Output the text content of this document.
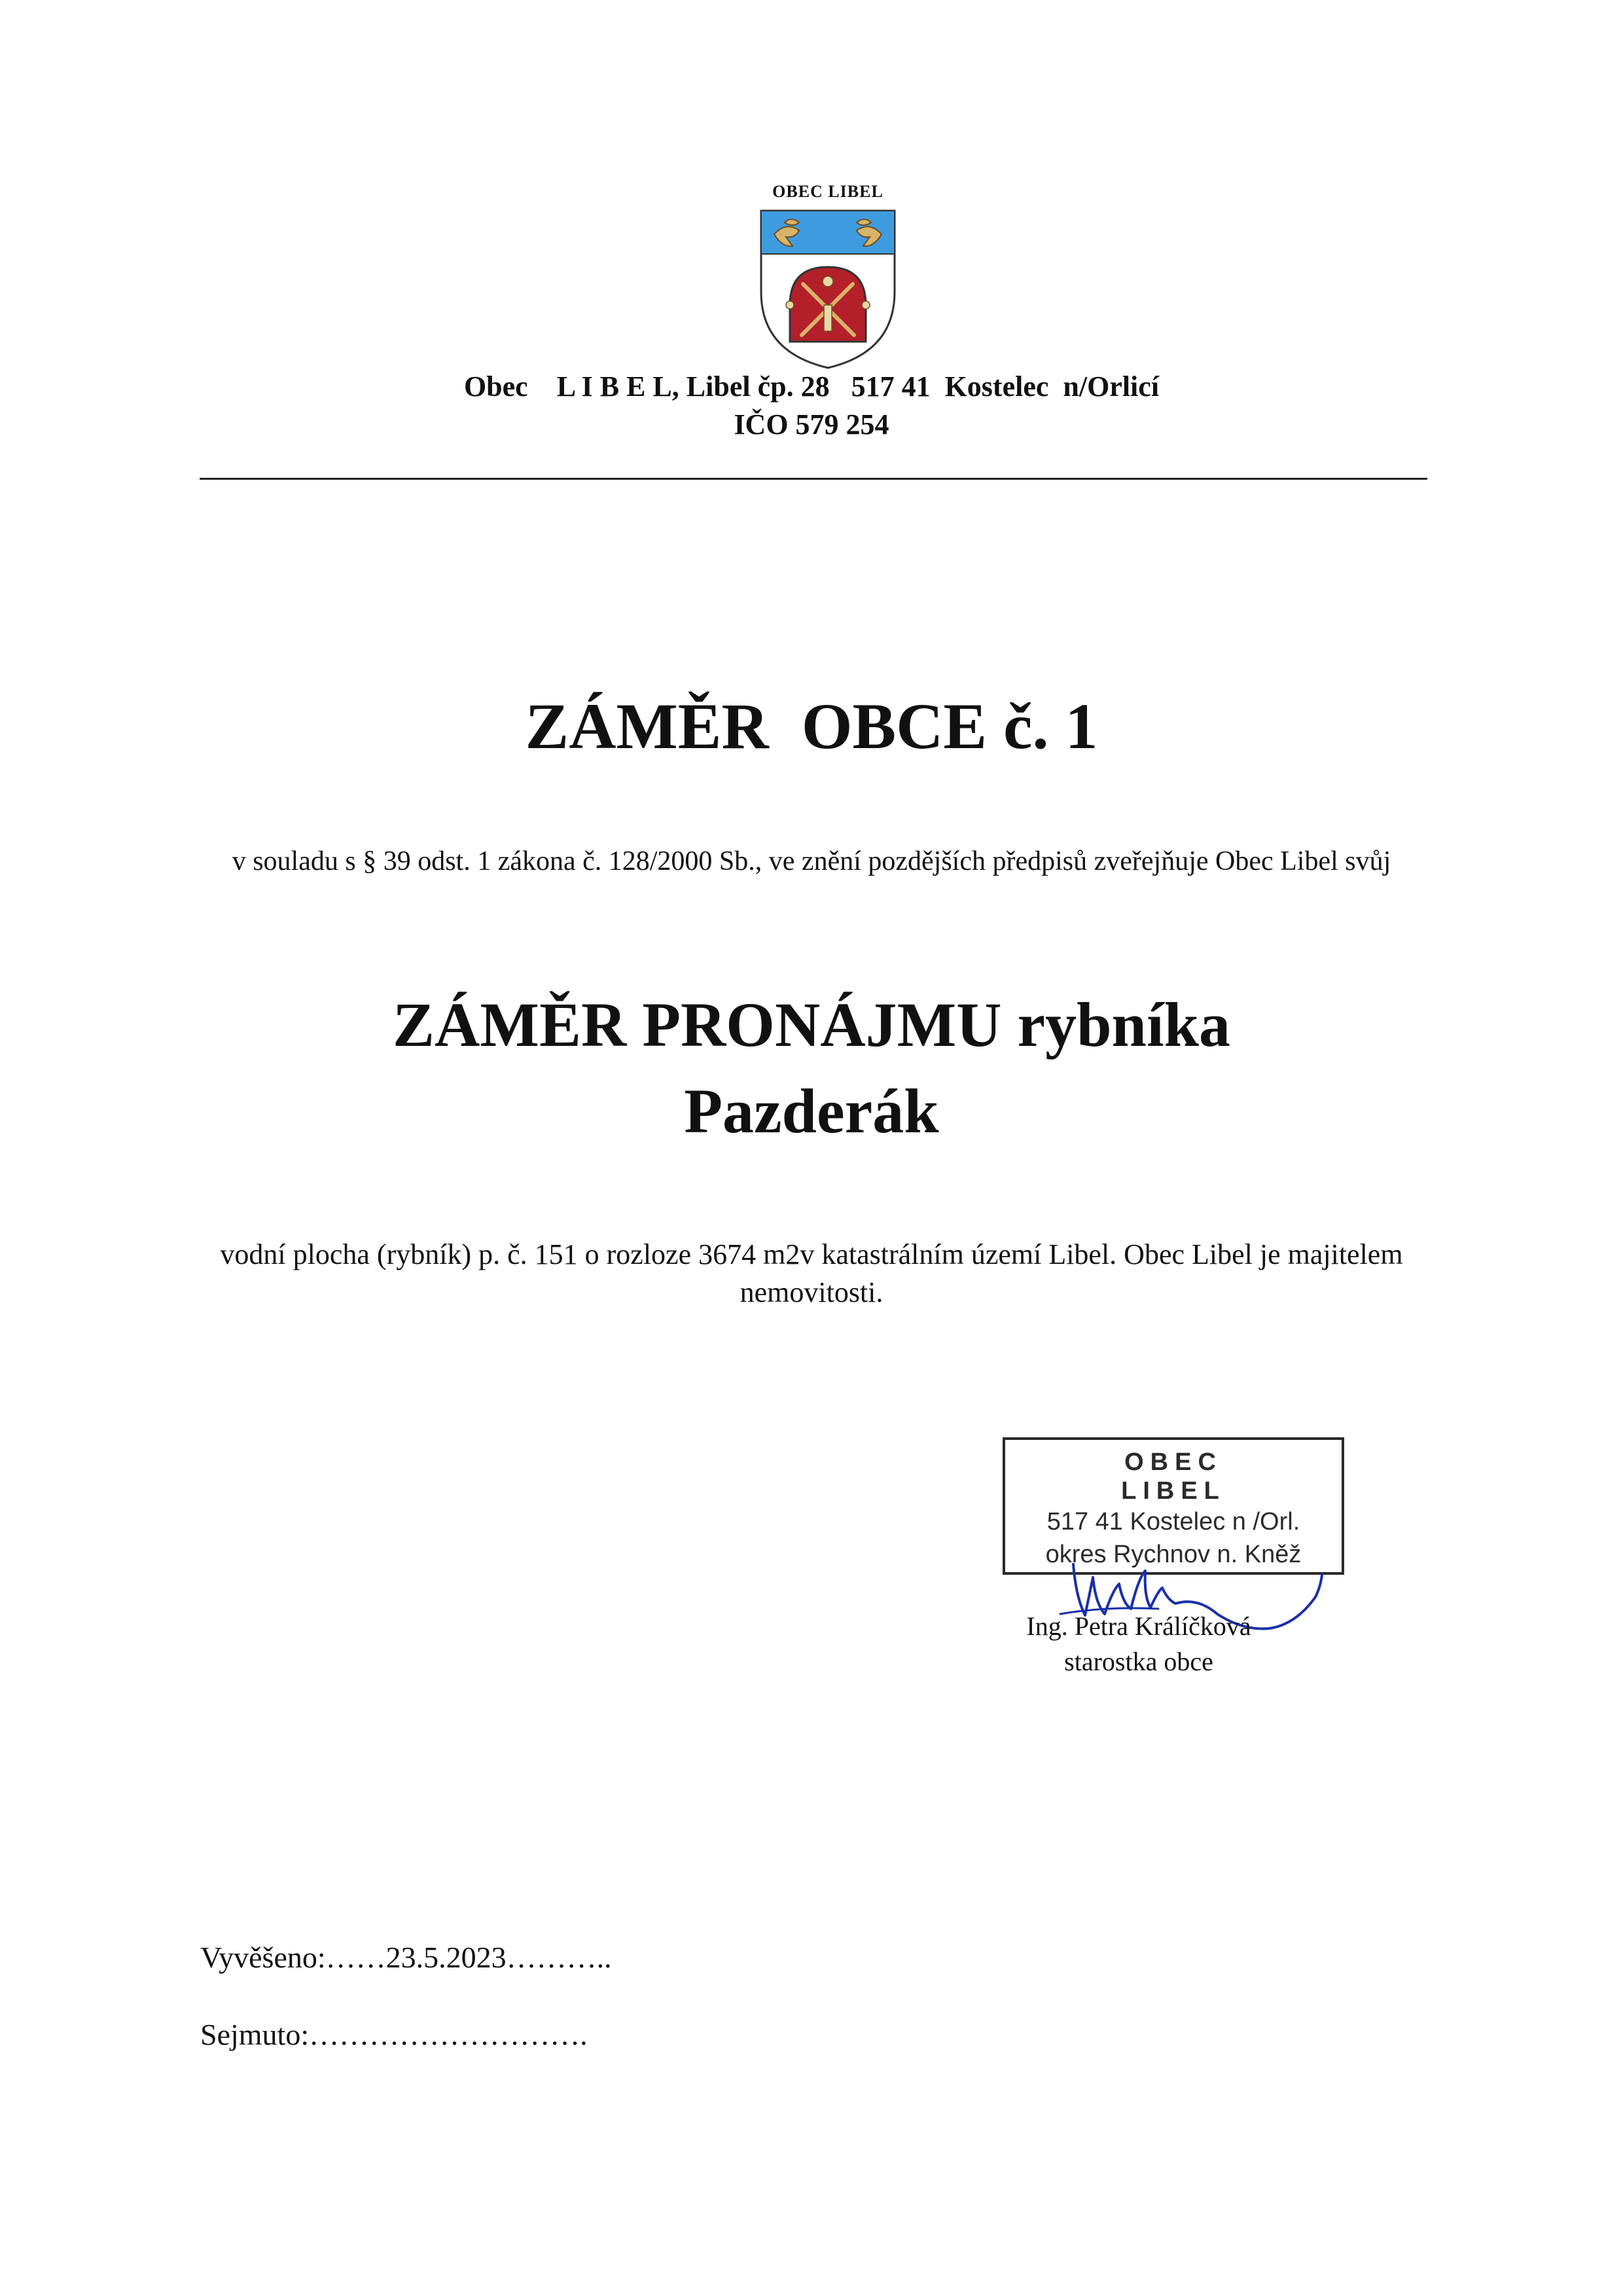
OBEC LIBEL
Obec    L I B E L, Libel čp. 28   517 41  Kostelec  n/Orlicí
IČO 579 254
ZÁMĚR  OBCE č. 1
v souladu s § 39 odst. 1 zákona č. 128/2000 Sb., ve znění pozdějších předpisů zveřejňuje Obec Libel svůj
ZÁMĚR PRONÁJMU rybníka
Pazderák
vodní plocha (rybník) p. č. 151 o rozloze 3674 m2v katastrálním území Libel. Obec Libel je majitelem nemovitosti.
OBEC
LIBEL
517 41 Kostelec n /Orl.
okres Rychnov n. Kněž
Ing. Petra Králíčková
starostka obce
Vyvěšeno:……23.5.2023………..
Sejmuto:……………………….
